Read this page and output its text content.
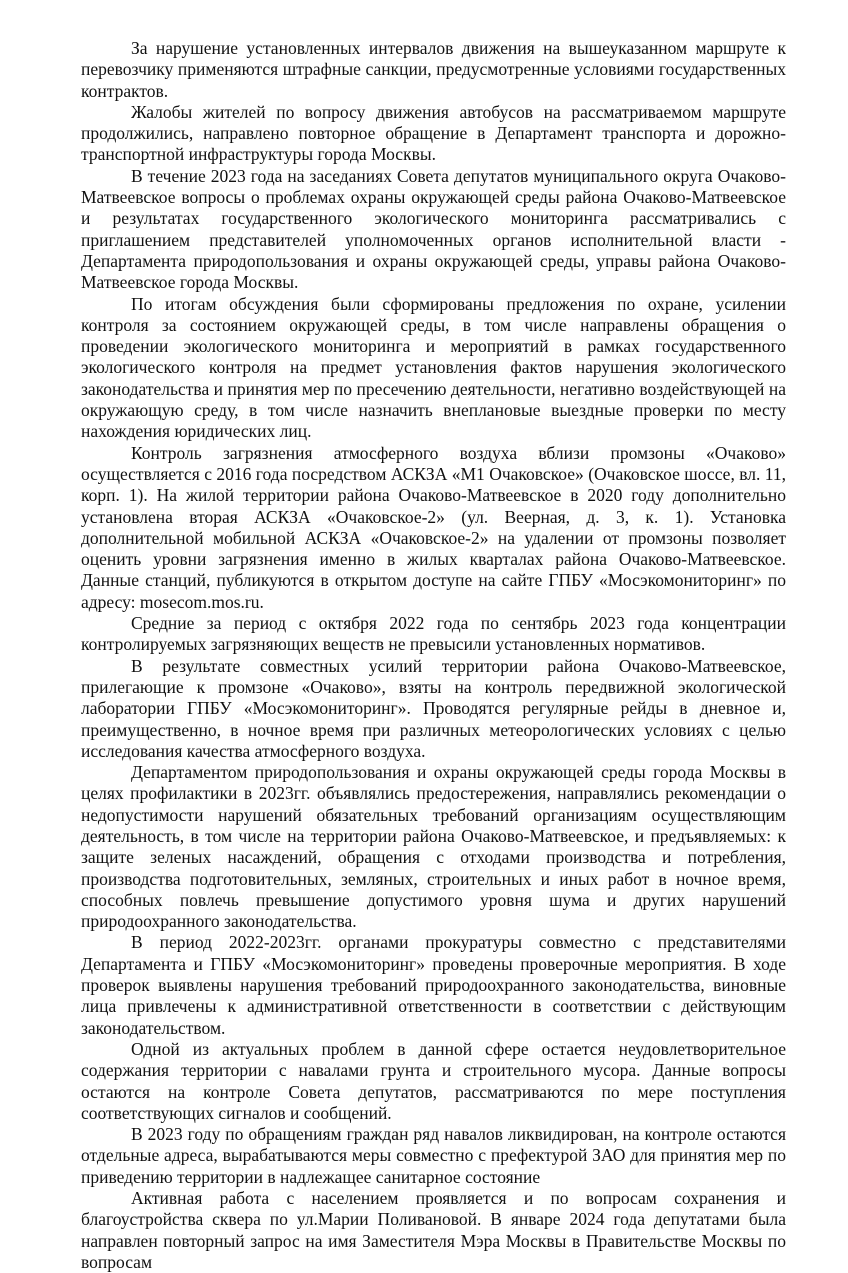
За нарушение установленных интервалов движения на вышеуказанном маршруте к перевозчику применяются штрафные санкции, предусмотренные условиями государственных контрактов.

Жалобы жителей по вопросу движения автобусов на рассматриваемом маршруте продолжились, направлено повторное обращение в Департамент транспорта и дорожно-транспортной инфраструктуры города Москвы.

В течение 2023 года на заседаниях Совета депутатов муниципального округа Очаково-Матвеевское вопросы о проблемах охраны окружающей среды района Очаково-Матвеевское и результатах государственного экологического мониторинга рассматривались с приглашением представителей уполномоченных органов исполнительной власти - Департамента природопользования и охраны окружающей среды, управы района Очаково-Матвеевское города Москвы.

По итогам обсуждения были сформированы предложения по охране, усилении контроля за состоянием окружающей среды, в том числе направлены обращения о проведении экологического мониторинга и мероприятий в рамках государственного экологического контроля на предмет установления фактов нарушения экологического законодательства и принятия мер по пресечению деятельности, негативно воздействующей на окружающую среду, в том числе назначить внеплановые выездные проверки по месту нахождения юридических лиц.

Контроль загрязнения атмосферного воздуха вблизи промзоны «Очаково» осуществляется с 2016 года посредством АСКЗА «М1 Очаковское» (Очаковское шоссе, вл. 11, корп. 1). На жилой территории района Очаково-Матвеевское в 2020 году дополнительно установлена вторая АСКЗА «Очаковское-2» (ул. Веерная, д. 3, к. 1). Установка дополнительной мобильной АСКЗА «Очаковское-2» на удалении от промзоны позволяет оценить уровни загрязнения именно в жилых кварталах района Очаково-Матвеевское. Данные станций, публикуются в открытом доступе на сайте ГПБУ «Мосэкомониторинг» по адресу: mosecom.mos.ru.

Средние за период с октября 2022 года по сентябрь 2023 года концентрации контролируемых загрязняющих веществ не превысили установленных нормативов.

В результате совместных усилий территории района Очаково-Матвеевское, прилегающие к промзоне «Очаково», взяты на контроль передвижной экологической лаборатории ГПБУ «Мосэкомониторинг». Проводятся регулярные рейды в дневное и, преимущественно, в ночное время при различных метеорологических условиях с целью исследования качества атмосферного воздуха.

Департаментом природопользования и охраны окружающей среды города Москвы в целях профилактики в 2023гг. объявлялись предостережения, направлялись рекомендации о недопустимости нарушений обязательных требований организациям осуществляющим деятельность, в том числе на территории района Очаково-Матвеевское, и предъявляемых: к защите зеленых насаждений, обращения с отходами производства и потребления, производства подготовительных, земляных, строительных и иных работ в ночное время, способных повлечь превышение допустимого уровня шума и других нарушений природоохранного законодательства.

В период 2022-2023гг. органами прокуратуры совместно с представителями Департамента и ГПБУ «Мосэкомониторинг» проведены проверочные мероприятия. В ходе проверок выявлены нарушения требований природоохранного законодательства, виновные лица привлечены к административной ответственности в соответствии с действующим законодательством.

Одной из актуальных проблем в данной сфере остается неудовлетворительное содержания территории с навалами грунта и строительного мусора. Данные вопросы остаются на контроле Совета депутатов, рассматриваются по мере поступления соответствующих сигналов и сообщений.

В 2023 году по обращениям граждан ряд навалов ликвидирован, на контроле остаются отдельные адреса, вырабатываются меры совместно с префектурой ЗАО для принятия мер по приведению территории в надлежащее санитарное состояние

Активная работа с населением проявляется и по вопросам сохранения и благоустройства сквера по ул.Марии Поливановой. В январе 2024 года депутатами была направлен повторный запрос на имя Заместителя Мэра Москвы в Правительстве Москвы по вопросам
